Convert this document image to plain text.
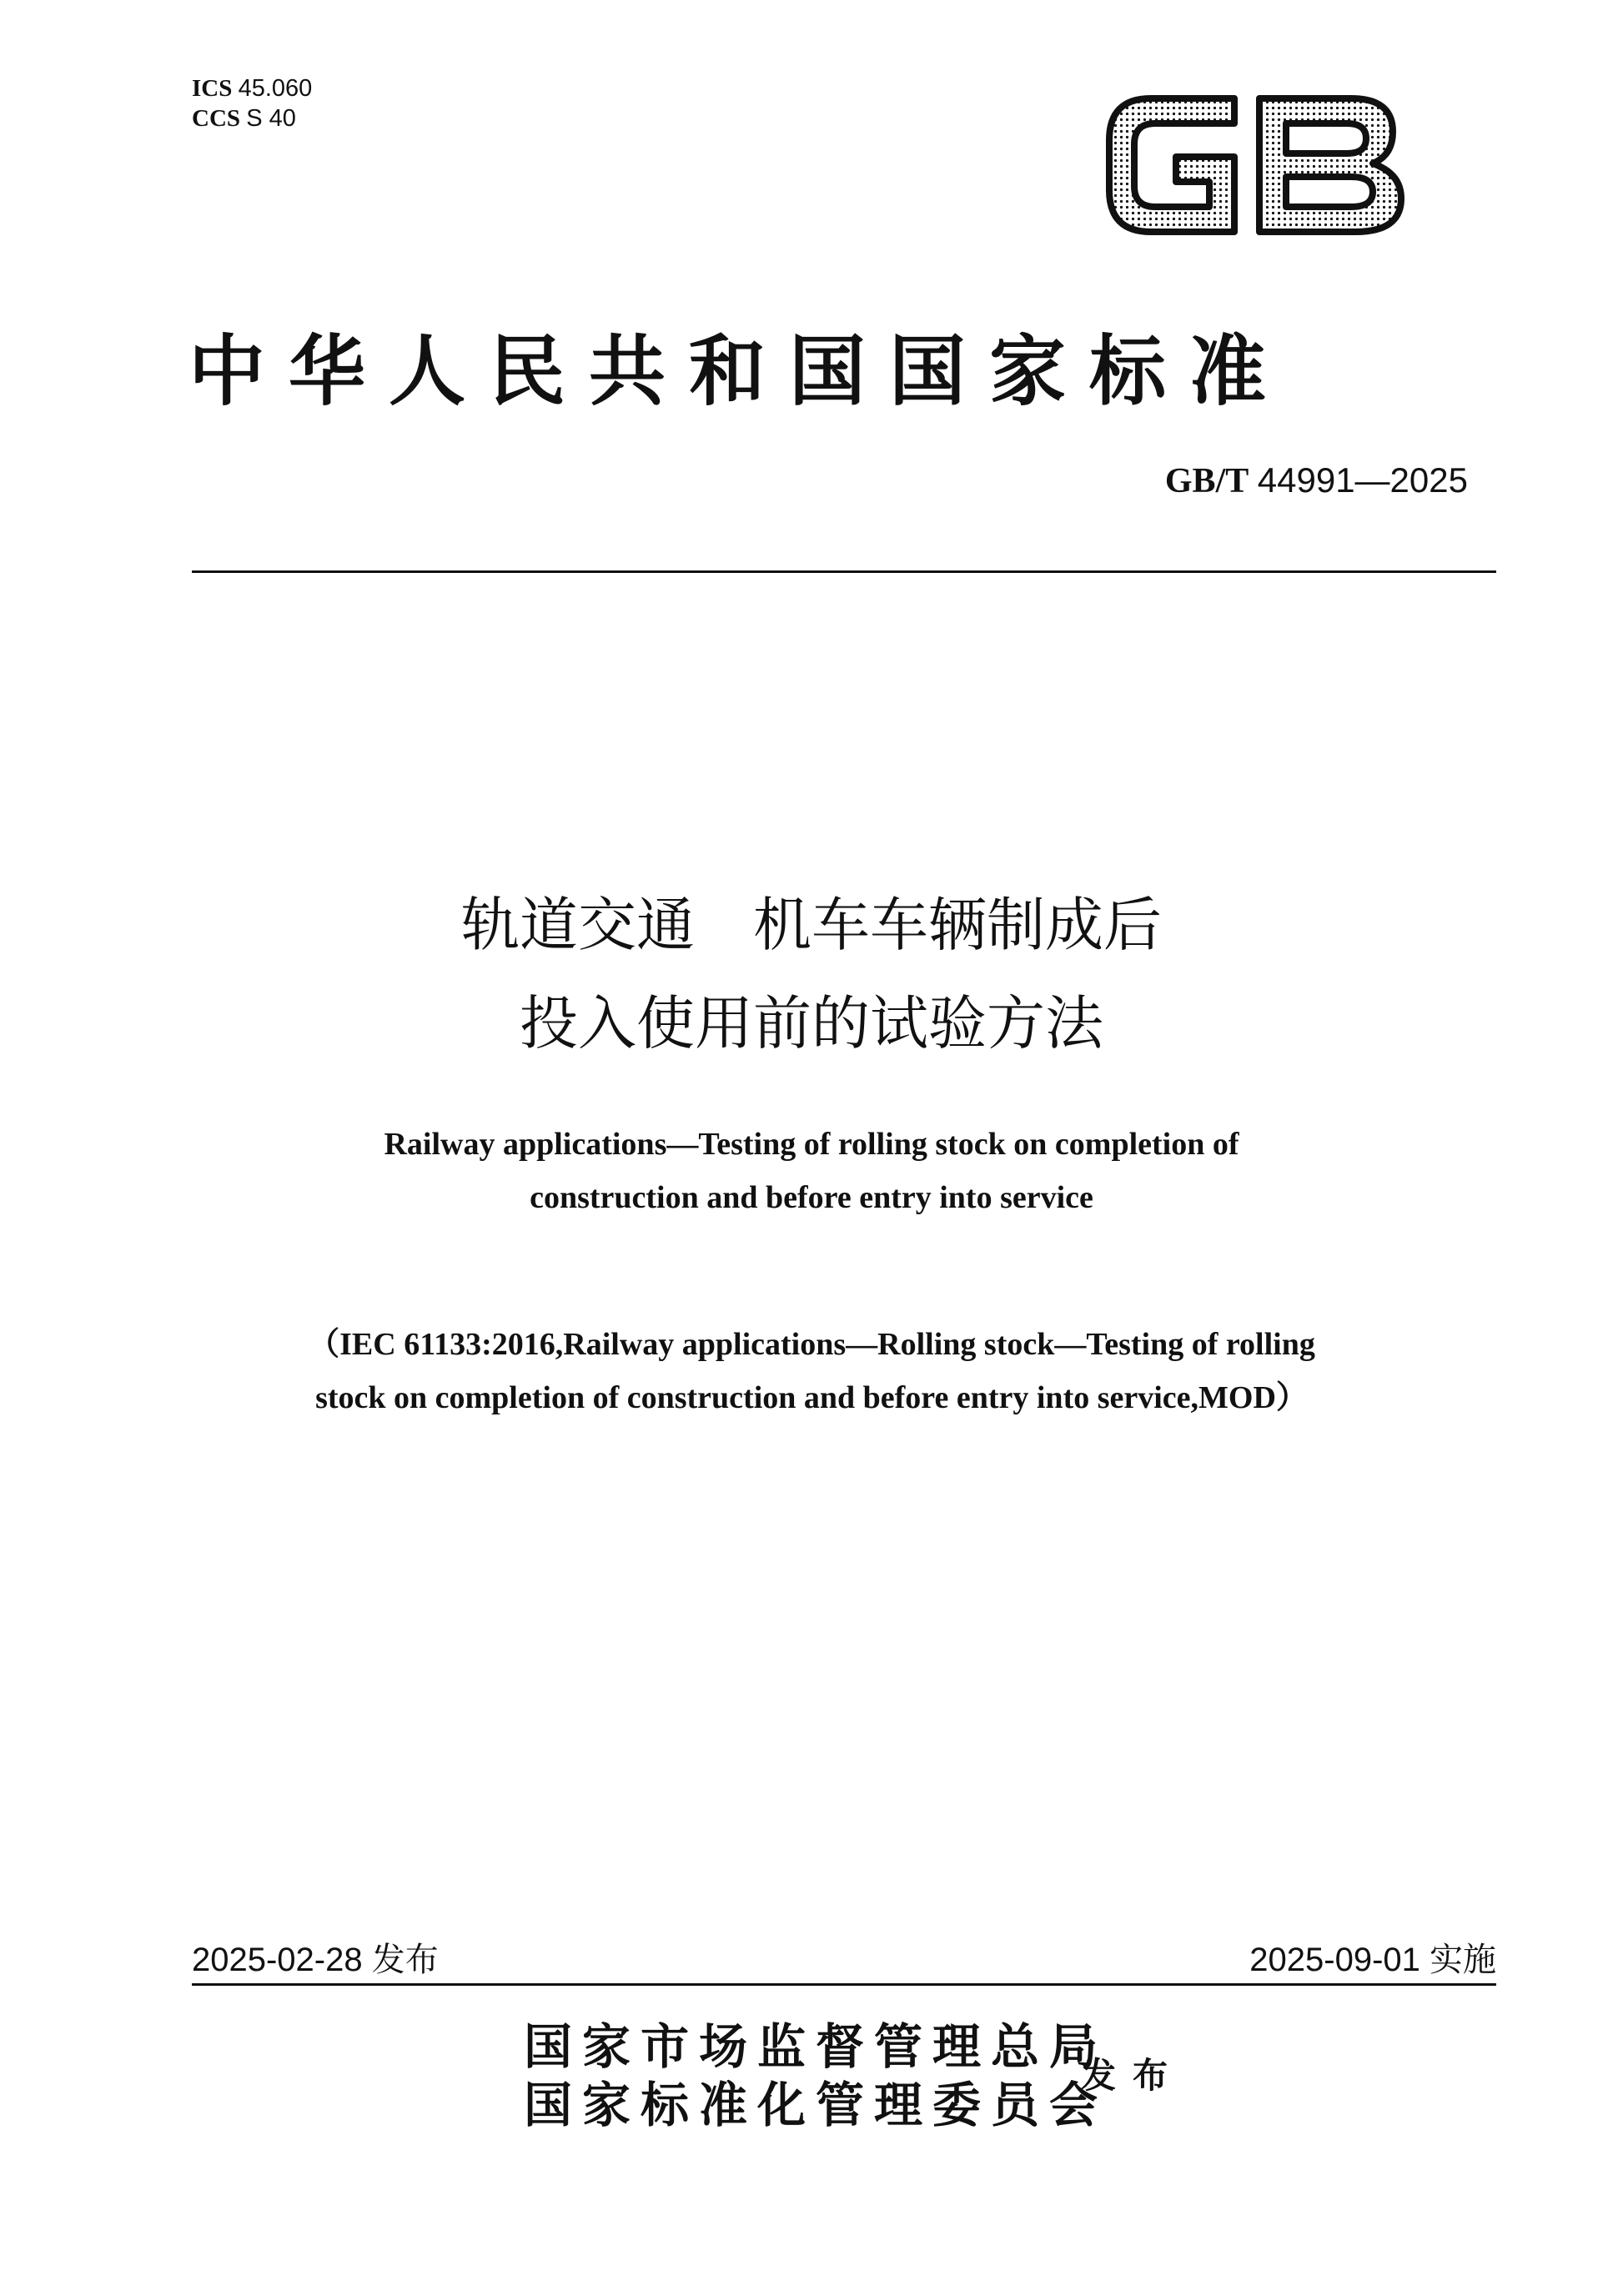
ICS 45.060
CCS S 40
中华人民共和国国家标准
GB/T 44991—2025
轨道交通　机车车辆制成后
投入使用前的试验方法
Railway applications—Testing of rolling stock on completion of
construction and before entry into service
（IEC 61133:2016,Railway applications—Rolling stock—Testing of rolling
stock on completion of construction and before entry into service,MOD）
2025-02-28 发布	2025-09-01 实施
国家市场监督管理总局
国家标准化管理委员会
发布
